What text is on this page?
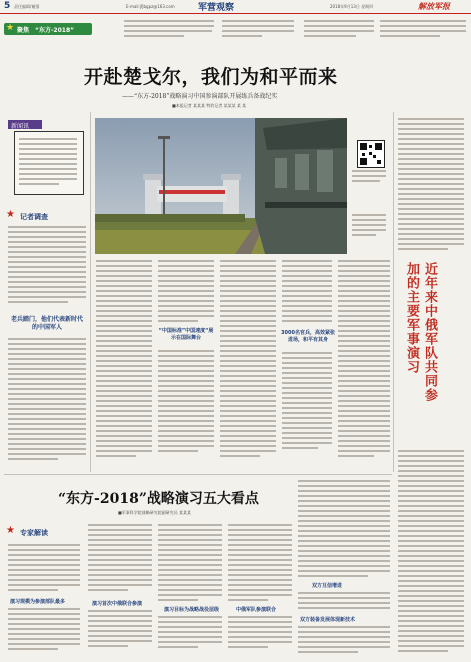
5 责任编辑/谢强	E-mail:jfjbgpz@163.com	军营观察	2018年9月13日 星期四	解放军报
★ 聚焦 “东方-2018”
开赴楚戈尔，我们为和平而来
——“东方-2018”战略演习中国参演部队开展练兵备战纪实
■本报记者 某某某 特约记者 某某某 某 某
新闻讯
★ 记者调查
老兵踏门，他们代表新时代的中国军人	近年来中俄军队共同参加的主要军事演习
“中国标准”中国速度“展示在国际舞台
3000名官兵，高效紧张进场，和平有其身
“东方-2018”战略演习五大看点
■军事科学院战略研究院副研究员 某某某
★ 专家解读
演习规模为参演部队最多	演习首次中俄联合参演
演习目标为战略战役层级	中俄军队参演联合
双方互信增进
双方装备发展体现新技术
